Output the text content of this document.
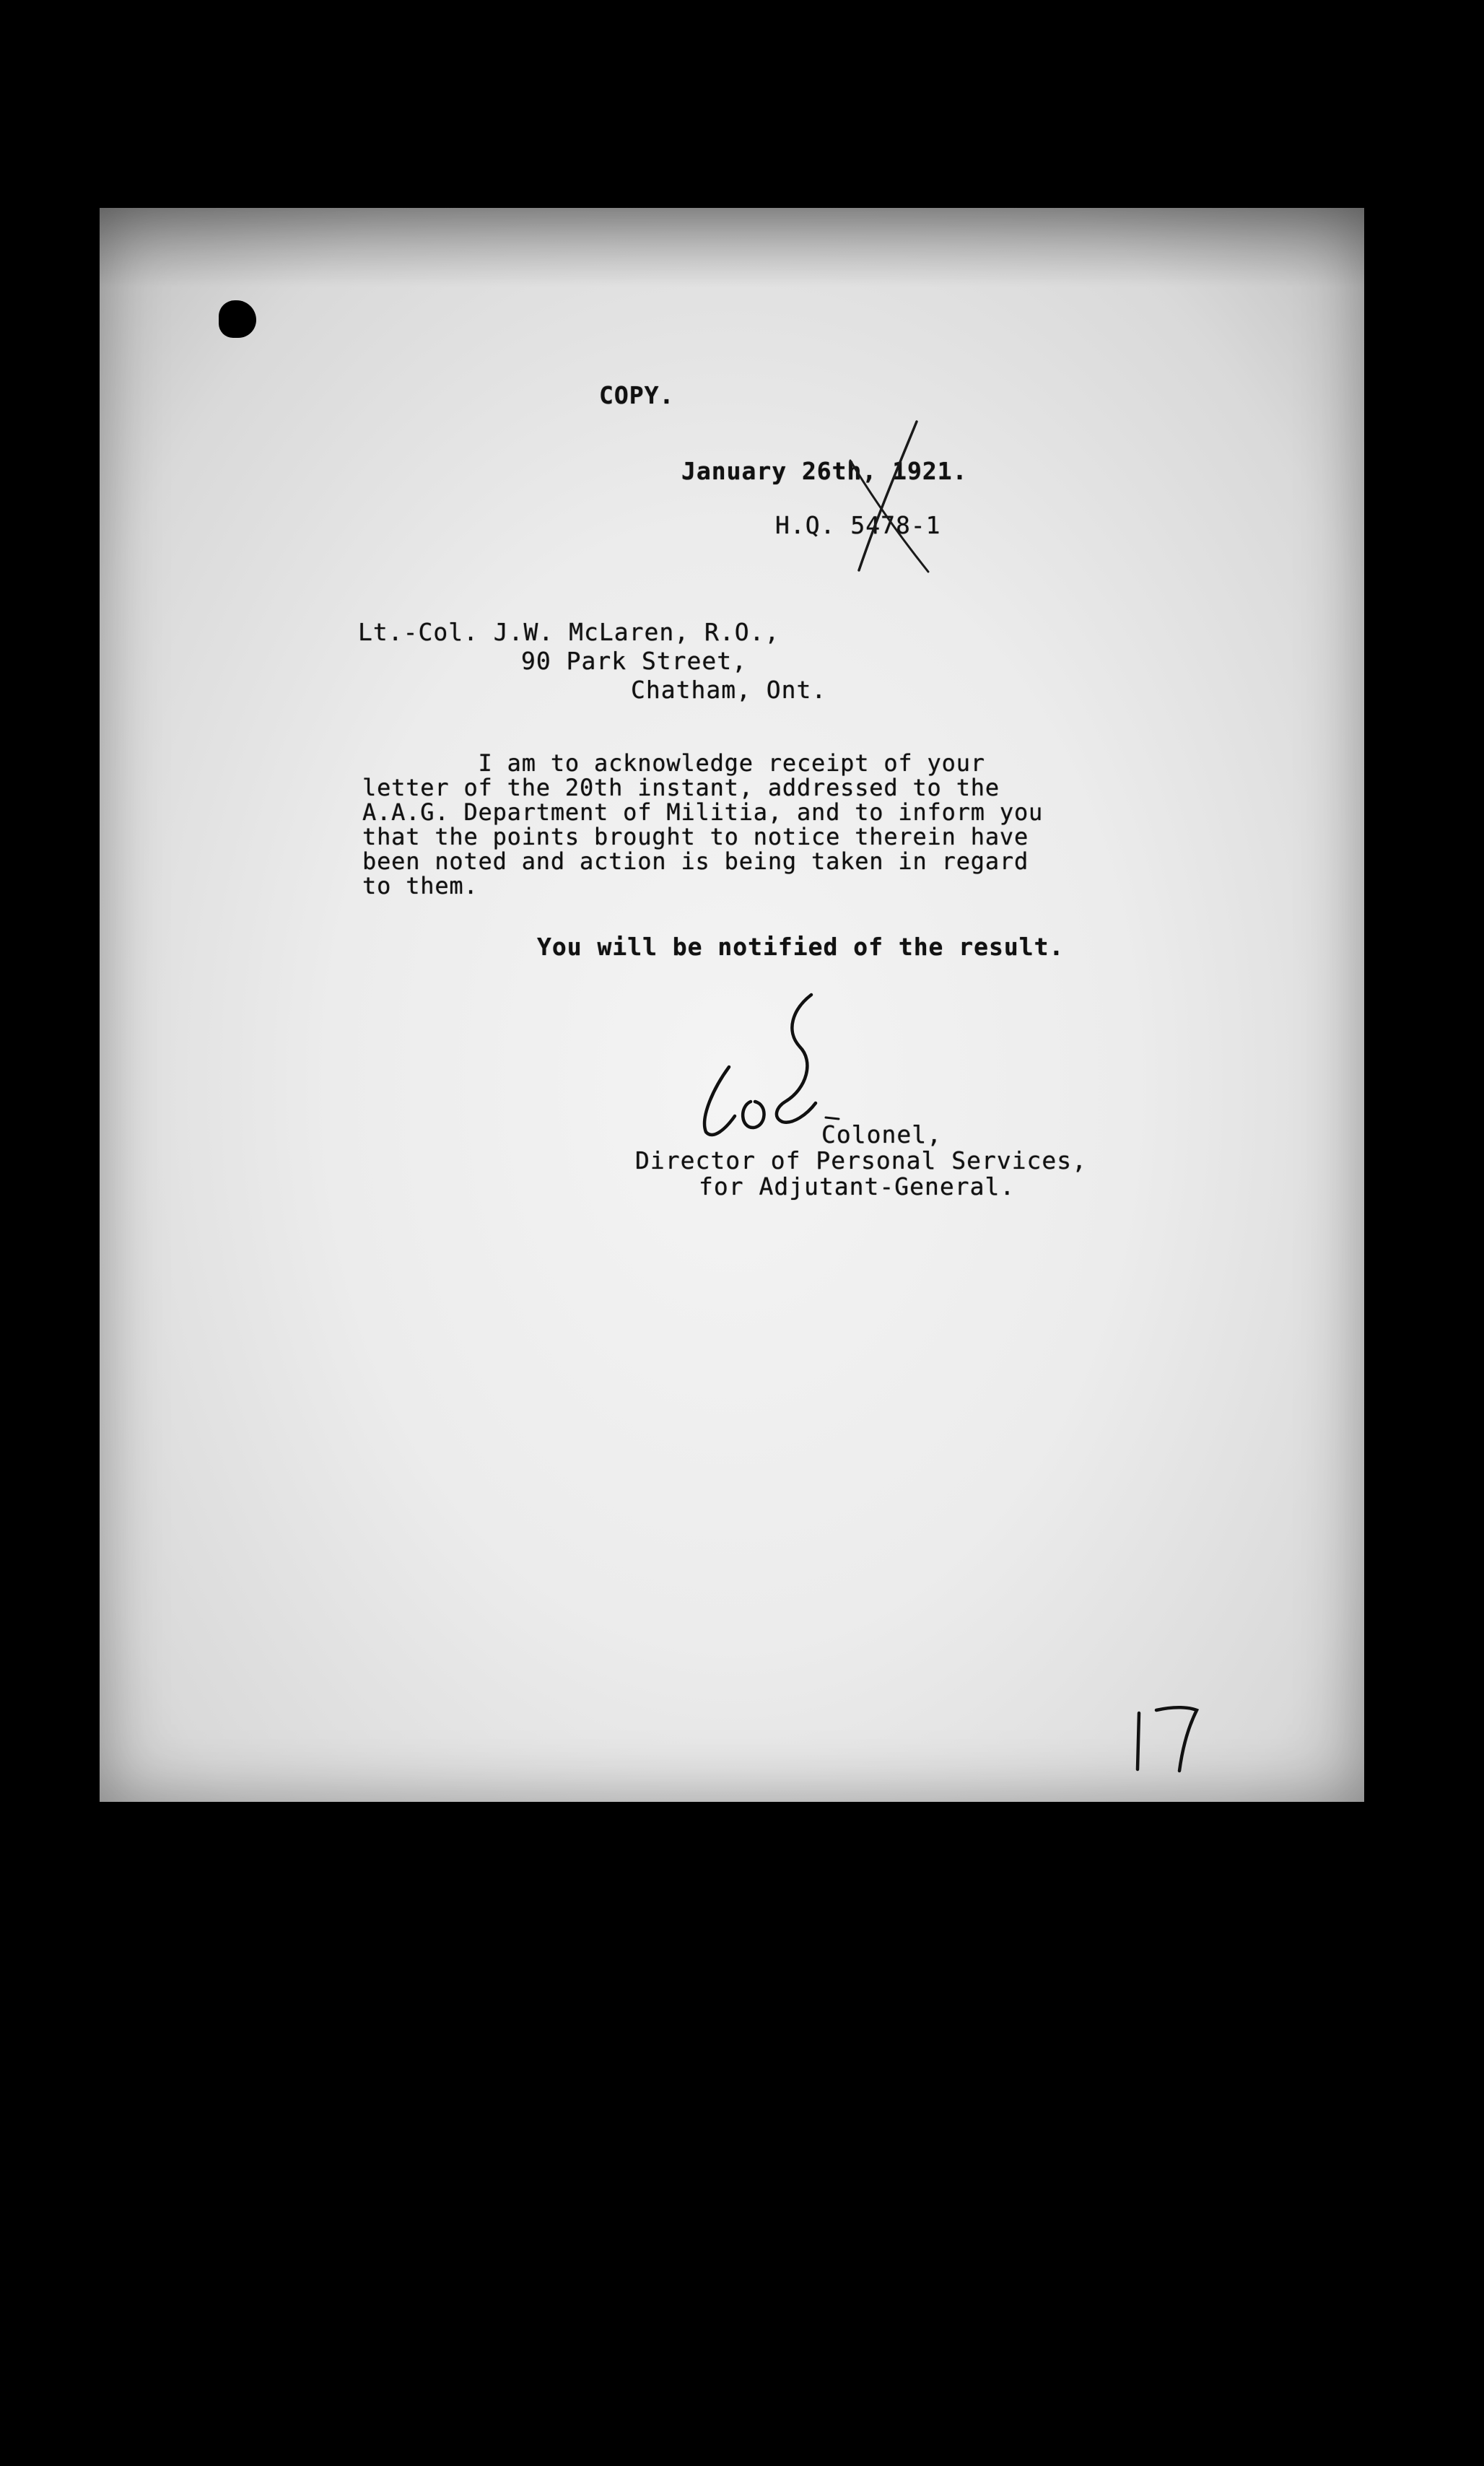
COPY.
January 26th, 1921.
H.Q. 5478-1
Lt.-Col. J.W. McLaren, R.O.,
90 Park Street,
Chatham, Ont.
I am to acknowledge receipt of your
letter of the 20th instant, addressed to the
A.A.G. Department of Militia, and to inform you
that the points brought to notice therein have
been noted and action is being taken in regard
to them.
You will be notified of the result.
Colonel,
Director of Personal Services,
for Adjutant-General.
